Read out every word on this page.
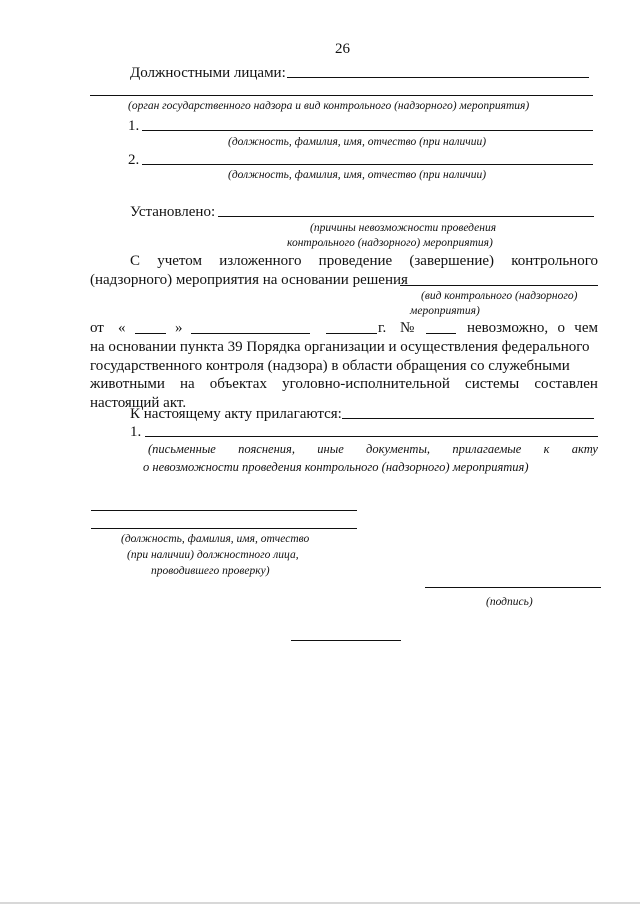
26
Должностными лицами:
(орган государственного надзора и вид контрольного (надзорного) мероприятия)
1.
(должность, фамилия, имя, отчество (при наличии)
2.
(должность, фамилия, имя, отчество (при наличии)
Установлено:
(причины невозможности проведения
контрольного (надзорного) мероприятия)
С учетом изложенного проведение (завершение) контрольного
(надзорного) мероприятия на основании решения
(вид контрольного (надзорного)
мероприятия)
от «	»	г. №	невозможно, о чем
на основании пункта 39 Порядка организации и осуществления федерального
государственного контроля (надзора) в области обращения со служебными
животными на объектах уголовно-исполнительной системы составлен
настоящий акт.
К настоящему акту прилагаются:
1.
(письменные пояснения, иные документы, прилагаемые к акту
о невозможности проведения контрольного (надзорного) мероприятия)
(должность, фамилия, имя, отчество
(при наличии) должностного лица,
проводившего проверку)
(подпись)
